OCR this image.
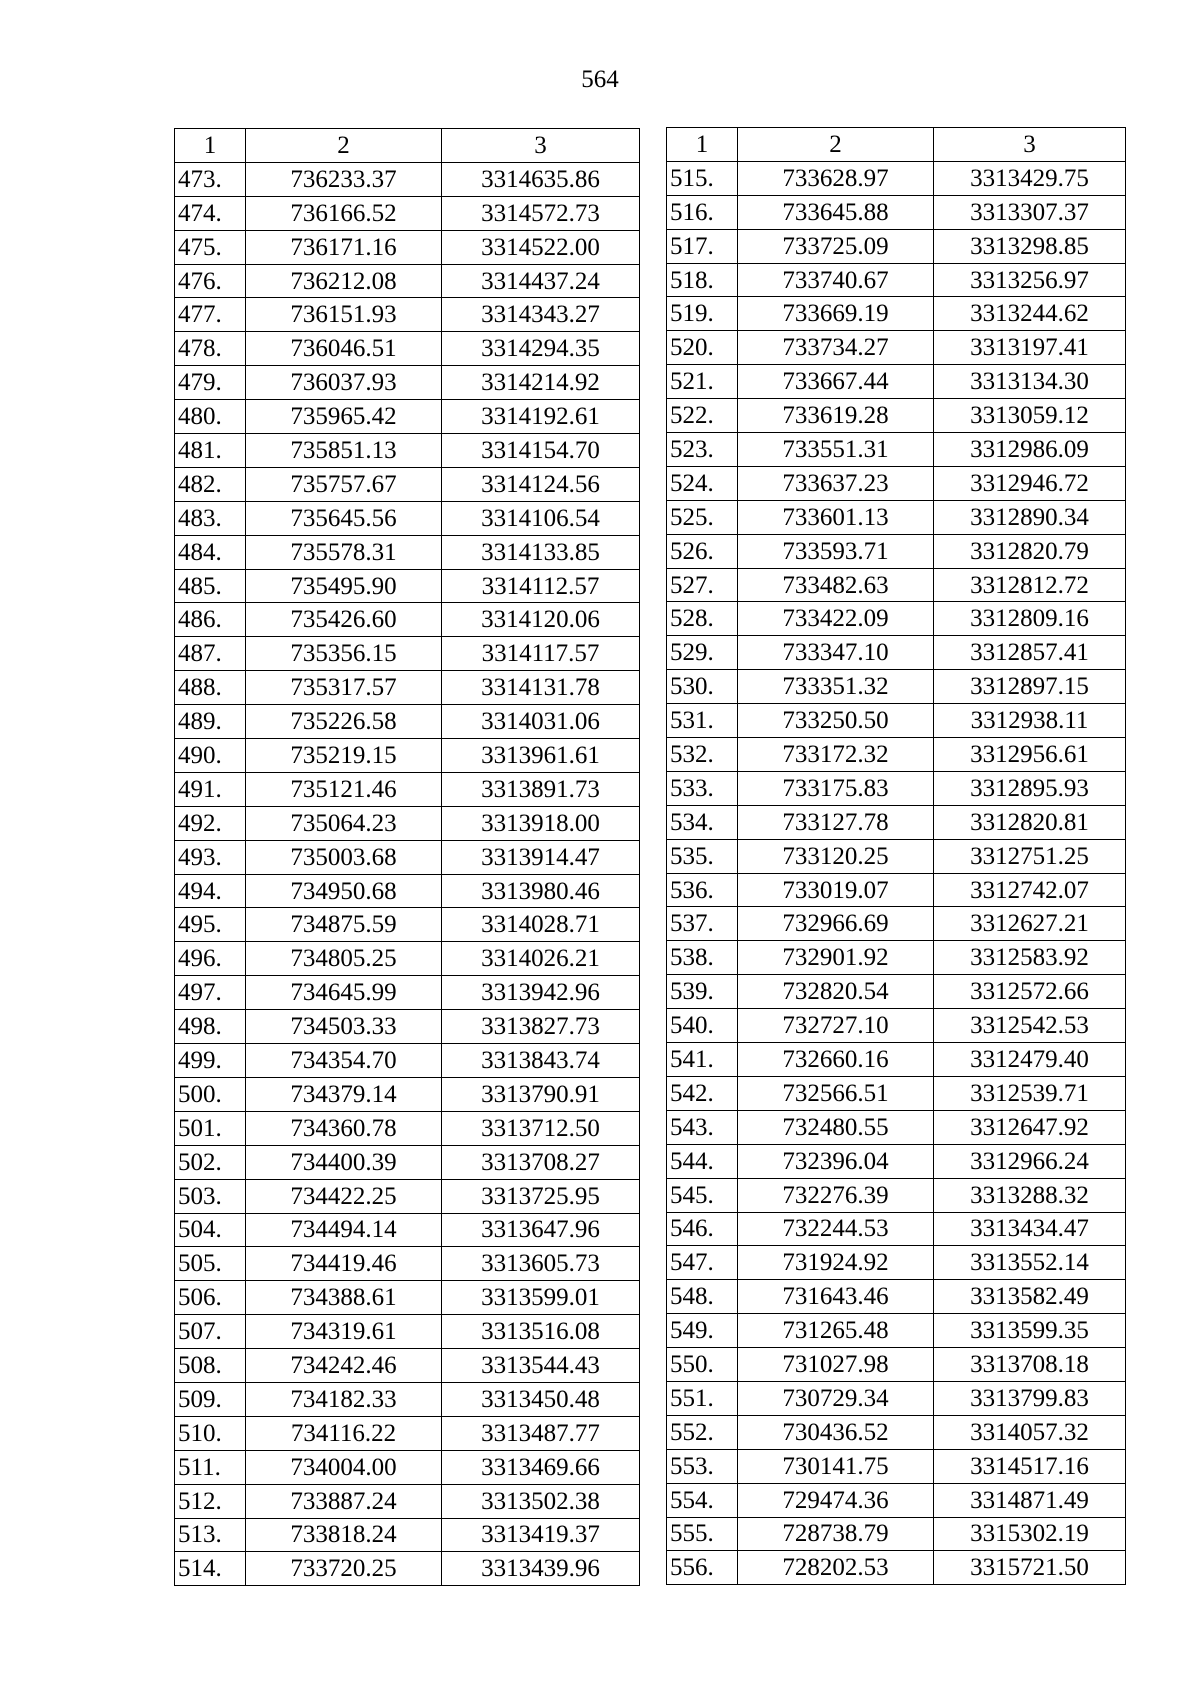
564
1	2	3
473.	736233.37	3314635.86
474.	736166.52	3314572.73
475.	736171.16	3314522.00
476.	736212.08	3314437.24
477.	736151.93	3314343.27
478.	736046.51	3314294.35
479.	736037.93	3314214.92
480.	735965.42	3314192.61
481.	735851.13	3314154.70
482.	735757.67	3314124.56
483.	735645.56	3314106.54
484.	735578.31	3314133.85
485.	735495.90	3314112.57
486.	735426.60	3314120.06
487.	735356.15	3314117.57
488.	735317.57	3314131.78
489.	735226.58	3314031.06
490.	735219.15	3313961.61
491.	735121.46	3313891.73
492.	735064.23	3313918.00
493.	735003.68	3313914.47
494.	734950.68	3313980.46
495.	734875.59	3314028.71
496.	734805.25	3314026.21
497.	734645.99	3313942.96
498.	734503.33	3313827.73
499.	734354.70	3313843.74
500.	734379.14	3313790.91
501.	734360.78	3313712.50
502.	734400.39	3313708.27
503.	734422.25	3313725.95
504.	734494.14	3313647.96
505.	734419.46	3313605.73
506.	734388.61	3313599.01
507.	734319.61	3313516.08
508.	734242.46	3313544.43
509.	734182.33	3313450.48
510.	734116.22	3313487.77
511.	734004.00	3313469.66
512.	733887.24	3313502.38
513.	733818.24	3313419.37
514.	733720.25	3313439.96
1	2	3
515.	733628.97	3313429.75
516.	733645.88	3313307.37
517.	733725.09	3313298.85
518.	733740.67	3313256.97
519.	733669.19	3313244.62
520.	733734.27	3313197.41
521.	733667.44	3313134.30
522.	733619.28	3313059.12
523.	733551.31	3312986.09
524.	733637.23	3312946.72
525.	733601.13	3312890.34
526.	733593.71	3312820.79
527.	733482.63	3312812.72
528.	733422.09	3312809.16
529.	733347.10	3312857.41
530.	733351.32	3312897.15
531.	733250.50	3312938.11
532.	733172.32	3312956.61
533.	733175.83	3312895.93
534.	733127.78	3312820.81
535.	733120.25	3312751.25
536.	733019.07	3312742.07
537.	732966.69	3312627.21
538.	732901.92	3312583.92
539.	732820.54	3312572.66
540.	732727.10	3312542.53
541.	732660.16	3312479.40
542.	732566.51	3312539.71
543.	732480.55	3312647.92
544.	732396.04	3312966.24
545.	732276.39	3313288.32
546.	732244.53	3313434.47
547.	731924.92	3313552.14
548.	731643.46	3313582.49
549.	731265.48	3313599.35
550.	731027.98	3313708.18
551.	730729.34	3313799.83
552.	730436.52	3314057.32
553.	730141.75	3314517.16
554.	729474.36	3314871.49
555.	728738.79	3315302.19
556.	728202.53	3315721.50
